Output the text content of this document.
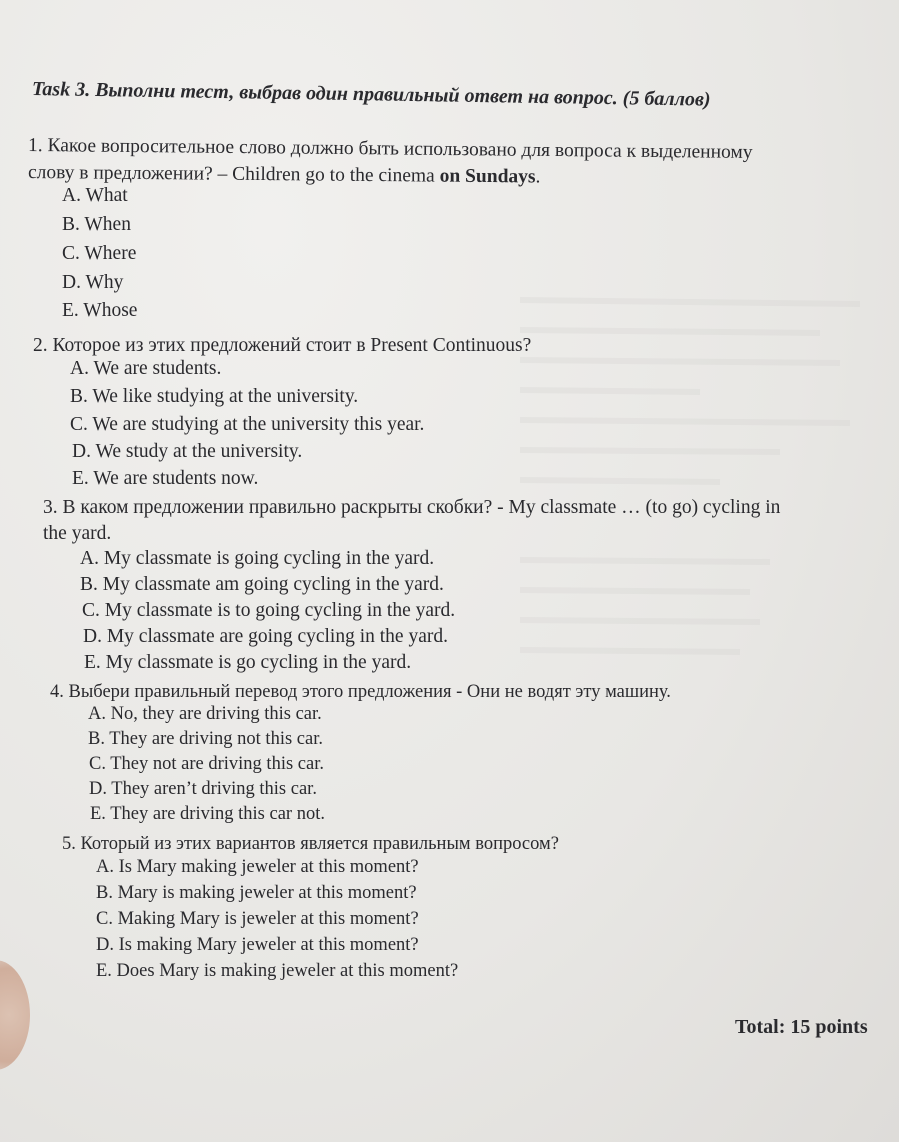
Task 3. Выполни тест, выбрав один правильный ответ на вопрос. (5 баллов)
1. Какое вопросительное слово должно быть использовано для вопроса к выделенному
слову в предложении? – Children go to the cinema on Sundays.
A. What
B. When
C. Where
D. Why
E. Whose
2. Которое из этих предложений стоит в Present Continuous?
A. We are students.
B. We like studying at the university.
C. We are studying at the university this year.
D. We study at the university.
E. We are students now.
3. В каком предложении правильно раскрыты скобки? - My classmate … (to go) cycling in
the yard.
A. My classmate is going cycling in the yard.
B. My classmate am going cycling in the yard.
C. My classmate is to going cycling in the yard.
D. My classmate are going cycling in the yard.
E. My classmate is go cycling in the yard.
4. Выбери правильный перевод этого предложения - Они не водят эту машину.
A. No, they are driving this car.
B. They are driving not this car.
C. They not are driving this car.
D. They aren’t driving this car.
E. They are driving this car not.
5. Который из этих вариантов является правильным вопросом?
A. Is Mary making jeweler at this moment?
B. Mary is making jeweler at this moment?
C. Making Mary is jeweler at this moment?
D. Is making Mary jeweler at this moment?
E. Does Mary is making jeweler at this moment?
Total: 15 points
